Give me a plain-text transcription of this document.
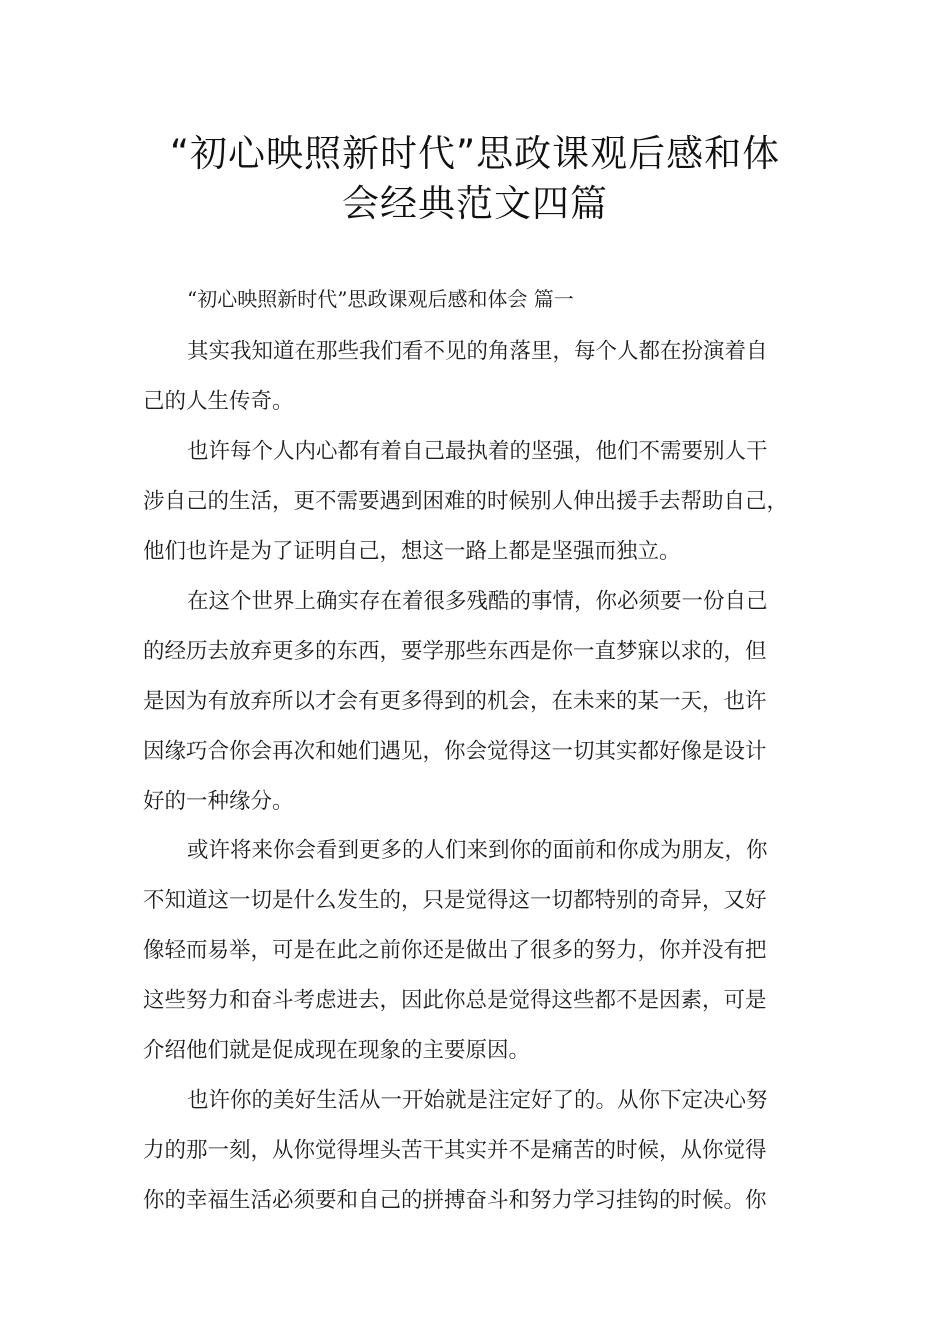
“初心映照新时代”思政课观后感和体
会经典范文四篇
“初心映照新时代”思政课观后感和体会 篇一
其实我知道在那些我们看不见的角落里，每个人都在扮演着自
己的人生传奇。
也许每个人内心都有着自己最执着的坚强，他们不需要别人干
涉自己的生活，更不需要遇到困难的时候别人伸出援手去帮助自己，
他们也许是为了证明自己，想这一路上都是坚强而独立。
在这个世界上确实存在着很多残酷的事情，你必须要一份自己
的经历去放弃更多的东西，要学那些东西是你一直梦寐以求的，但
是因为有放弃所以才会有更多得到的机会，在未来的某一天，也许
因缘巧合你会再次和她们遇见，你会觉得这一切其实都好像是设计
好的一种缘分。
或许将来你会看到更多的人们来到你的面前和你成为朋友，你
不知道这一切是什么发生的，只是觉得这一切都特别的奇异，又好
像轻而易举，可是在此之前你还是做出了很多的努力，你并没有把
这些努力和奋斗考虑进去，因此你总是觉得这些都不是因素，可是
介绍他们就是促成现在现象的主要原因。
也许你的美好生活从一开始就是注定好了的。从你下定决心努
力的那一刻，从你觉得埋头苦干其实并不是痛苦的时候，从你觉得
你的幸福生活必须要和自己的拼搏奋斗和努力学习挂钩的时候。你
